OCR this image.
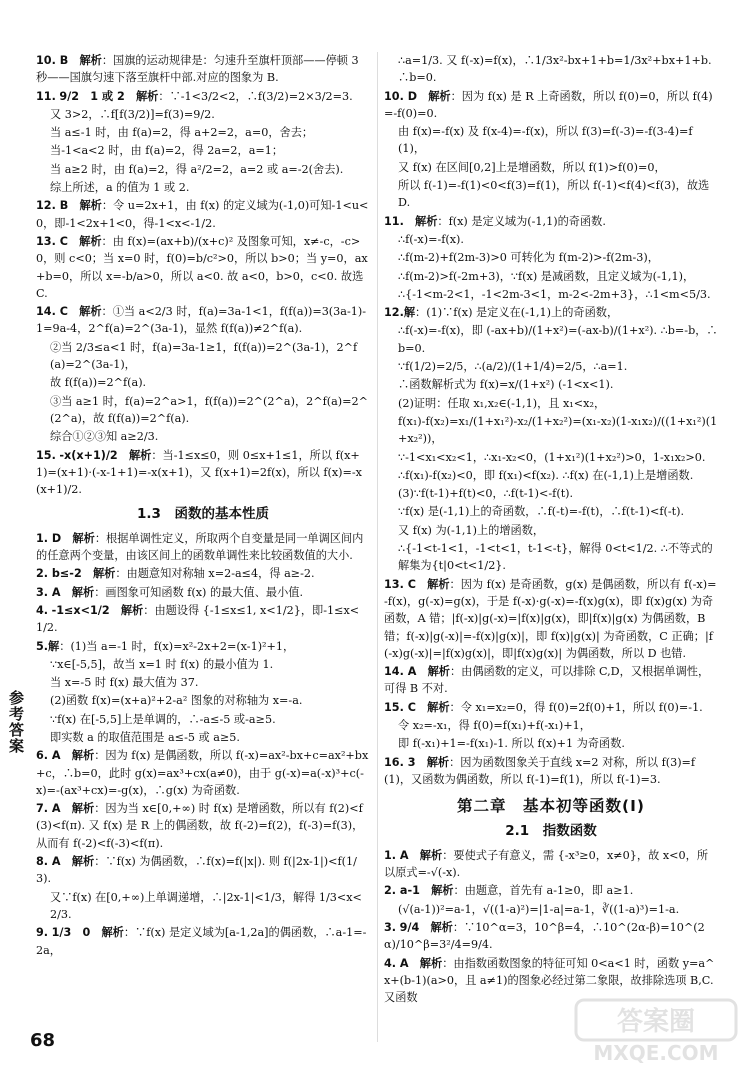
10. B　 解析：国旗的运动规律是：匀速升至旗杆顶部——停顿 3 秒——国旗匀速下落至旗杆中部.对应的图象为 B.

11. 9/2　1 或 2　 解析：∵-1<3/2<2，∴f(3/2)=2×3/2=3.

又 3>2，∴f[f(3/2)]=f(3)=9/2.

当 a≤-1 时，由 f(a)=2，得 a+2=2，a=0，舍去；

当-1<a<2 时，由 f(a)=2，得 2a=2，a=1；

当 a≥2 时，由 f(a)=2，得 a²/2=2，a=2 或 a=-2(舍去).

综上所述，a 的值为 1 或 2.

12. B　 解析：令 u=2x+1，由 f(x) 的定义域为(-1,0)可知-1<u<0，即-1<2x+1<0，得-1<x<-1/2.

13. C　 解析：由 f(x)=(ax+b)/(x+c)² 及图象可知，x≠-c，-c>0，则 c<0；当 x=0 时，f(0)=b/c²>0，所以 b>0；当 y=0，ax+b=0，所以 x=-b/a>0，所以 a<0. 故 a<0，b>0，c<0. 故选 C.

14. C　 解析：①当 a<2/3 时，f(a)=3a-1<1，f(f(a))=3(3a-1)-1=9a-4，2^f(a)=2^(3a-1)，显然 f(f(a))≠2^f(a).

②当 2/3≤a<1 时，f(a)=3a-1≥1，f(f(a))=2^(3a-1)，2^f(a)=2^(3a-1)，

故 f(f(a))=2^f(a).

③当 a≥1 时，f(a)=2^a>1，f(f(a))=2^(2^a)，2^f(a)=2^(2^a)，故 f(f(a))=2^f(a).

综合①②③知 a≥2/3.

15. -x(x+1)/2　 解析：当-1≤x≤0，则 0≤x+1≤1，所以 f(x+1)=(x+1)·(-x-1+1)=-x(x+1)，又 f(x+1)=2f(x)，所以 f(x)=-x(x+1)/2.

1.3　函数的基本性质

1. D　 解析：根据单调性定义，所取两个自变量是同一单调区间内的任意两个变量，由该区间上的函数单调性来比较函数值的大小.

2. b≤-2　 解析：由题意知对称轴 x=2-a≤4，得 a≥-2.

3. A　 解析：画图象可知函数 f(x) 的最大值、最小值.

4. -1≤x<1/2　 解析：由题设得 {-1≤x≤1, x<1/2}，即-1≤x<1/2.

5.解：(1)当 a=-1 时，f(x)=x²-2x+2=(x-1)²+1，

∵x∈[-5,5]，故当 x=1 时 f(x) 的最小值为 1.

当 x=-5 时 f(x) 最大值为 37.

(2)函数 f(x)=(x+a)²+2-a² 图象的对称轴为 x=-a.

∵f(x) 在[-5,5]上是单调的，∴-a≤-5 或-a≥5.

即实数 a 的取值范围是 a≤-5 或 a≥5.

6. A　 解析：因为 f(x) 是偶函数，所以 f(-x)=ax²-bx+c=ax²+bx+c，∴b=0，此时 g(x)=ax³+cx(a≠0)，由于 g(-x)=a(-x)³+c(-x)=-(ax³+cx)=-g(x)，∴g(x) 为奇函数.

7. A　 解析：因为当 x∈[0,+∞) 时 f(x) 是增函数，所以有 f(2)<f(3)<f(π). 又 f(x) 是 R 上的偶函数，故 f(-2)=f(2)，f(-3)=f(3)，从而有 f(-2)<f(-3)<f(π).

8. A　 解析：∵f(x) 为偶函数，∴f(x)=f(|x|). 则 f(|2x-1|)<f(1/3).

又∵f(x) 在[0,+∞)上单调递增，∴|2x-1|<1/3，解得 1/3<x<2/3.

9. 1/3　0　 解析：∵f(x) 是定义域为[a-1,2a]的偶函数，∴a-1=-2a，

∴a=1/3. 又 f(-x)=f(x)，∴1/3x²-bx+1+b=1/3x²+bx+1+b. ∴b=0.

10. D　 解析：因为 f(x) 是 R 上奇函数，所以 f(0)=0，所以 f(4)=-f(0)=0.

由 f(x)=-f(x) 及 f(x-4)=-f(x)，所以 f(3)=f(-3)=-f(3-4)=f(1)，

又 f(x) 在区间[0,2]上是增函数，所以 f(1)>f(0)=0，

所以 f(-1)=-f(1)<0<f(3)=f(1)，所以 f(-1)<f(4)<f(3)，故选 D.

11.　 解析：f(x) 是定义域为(-1,1)的奇函数.

∴f(-x)=-f(x).

∴f(m-2)+f(2m-3)>0 可转化为 f(m-2)>-f(2m-3)，

∴f(m-2)>f(-2m+3)，∵f(x) 是减函数，且定义域为(-1,1)，

∴{-1<m-2<1，-1<2m-3<1，m-2<-2m+3}，∴1<m<5/3.

12.解：(1)∵f(x) 是定义在(-1,1)上的奇函数，

∴f(-x)=-f(x)，即 (-ax+b)/(1+x²)=(-ax-b)/(1+x²). ∴b=-b，∴b=0.

∵f(1/2)=2/5，∴(a/2)/(1+1/4)=2/5，∴a=1.

∴函数解析式为 f(x)=x/(1+x²) (-1<x<1).

(2)证明：任取 x₁,x₂∈(-1,1)，且 x₁<x₂，

f(x₁)-f(x₂)=x₁/(1+x₁²)-x₂/(1+x₂²)=(x₁-x₂)(1-x₁x₂)/((1+x₁²)(1+x₂²))，

∵-1<x₁<x₂<1，∴x₁-x₂<0，(1+x₁²)(1+x₂²)>0，1-x₁x₂>0.

∴f(x₁)-f(x₂)<0，即 f(x₁)<f(x₂). ∴f(x) 在(-1,1)上是增函数.

(3)∵f(t-1)+f(t)<0，∴f(t-1)<-f(t).

∵f(x) 是(-1,1)上的奇函数，∴f(-t)=-f(t)，∴f(t-1)<f(-t).

又 f(x) 为(-1,1)上的增函数，

∴{-1<t-1<1，-1<t<1，t-1<-t}，解得 0<t<1/2. ∴不等式的解集为{t|0<t<1/2}.

13. C　 解析：因为 f(x) 是奇函数，g(x) 是偶函数，所以有 f(-x)=-f(x)，g(-x)=g(x)，于是 f(-x)·g(-x)=-f(x)g(x)，即 f(x)g(x) 为奇函数，A 错；|f(-x)|g(-x)=|f(x)|g(x)，即|f(x)|g(x) 为偶函数，B 错；f(-x)|g(-x)|=-f(x)|g(x)|，即 f(x)|g(x)| 为奇函数，C 正确；|f(-x)g(-x)|=|f(x)g(x)|，即|f(x)g(x)| 为偶函数，所以 D 也错.

14. A　 解析：由偶函数的定义，可以排除 C,D，又根据单调性，可得 B 不对.

15. C　 解析：令 x₁=x₂=0，得 f(0)=2f(0)+1，所以 f(0)=-1.

令 x₂=-x₁，得 f(0)=f(x₁)+f(-x₁)+1，

即 f(-x₁)+1=-f(x₁)-1. 所以 f(x)+1 为奇函数.

16. 3　 解析：因为函数图象关于直线 x=2 对称，所以 f(3)=f(1)，又函数为偶函数，所以 f(-1)=f(1)，所以 f(-1)=3.

第二章　基本初等函数(Ⅰ)

2.1　指数函数

1. A　 解析：要使式子有意义，需 {-x³≥0，x≠0}，故 x<0，所以原式=-√(-x).

2. a-1　 解析：由题意，首先有 a-1≥0，即 a≥1.

(√(a-1))²=a-1，√((1-a)²)=|1-a|=a-1，∛((1-a)³)=1-a.

3. 9/4　 解析：∵10^α=3，10^β=4，∴10^(2α-β)=10^(2α)/10^β=3²/4=9/4.

4. A　 解析：由指数函数图象的特征可知 0<a<1 时，函数 y=a^x+(b-1)(a>0，且 a≠1)的图象必经过第二象限，故排除选项 B,C. 又函数

参考答案
68
答案圈
MXQE.COM
